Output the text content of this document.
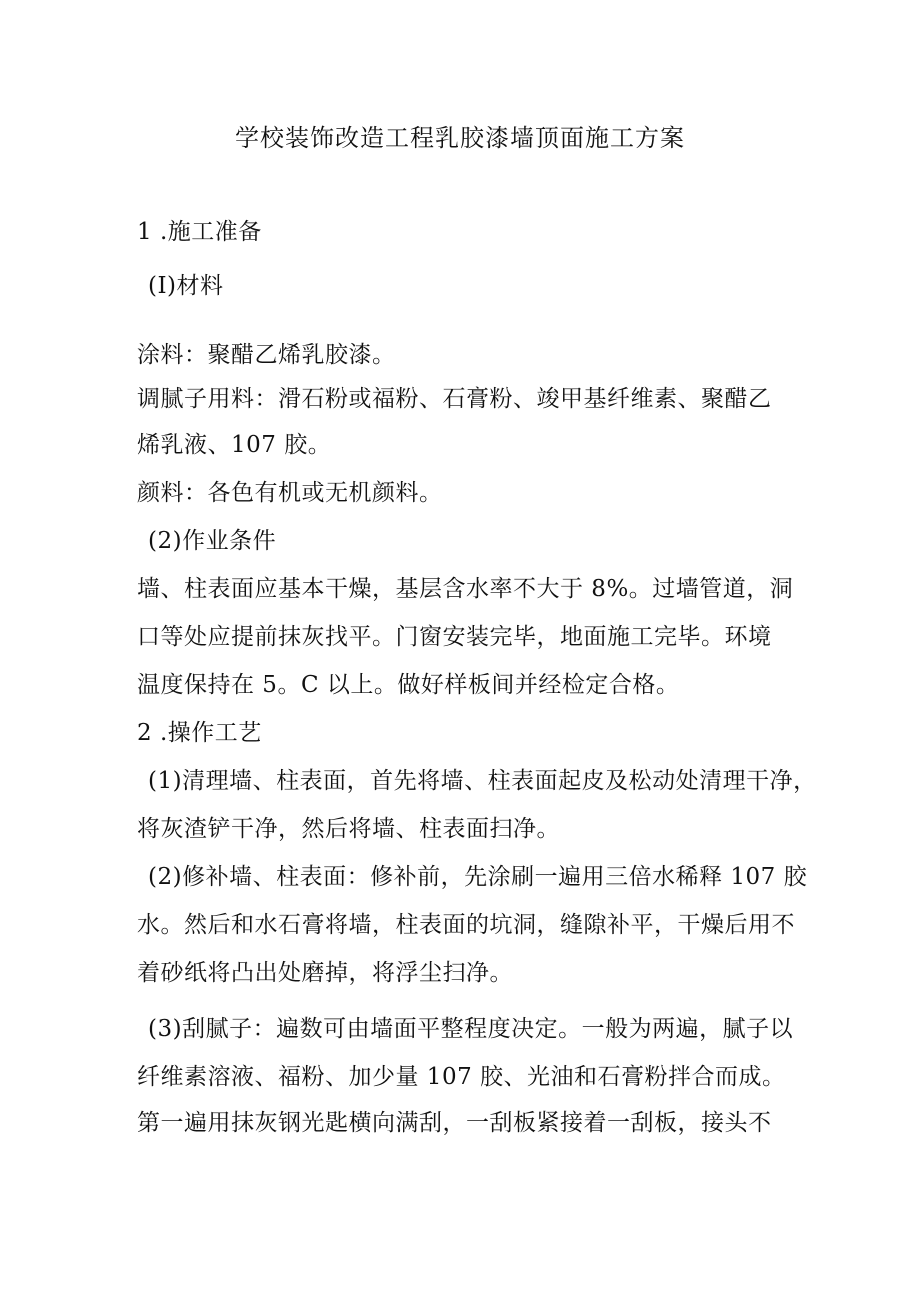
学校装饰改造工程乳胶漆墙顶面施工方案
1 .施工准备
(I)材料
涂料：聚醋乙烯乳胶漆。
调腻子用料：滑石粉或福粉、石膏粉、竣甲基纤维素、聚醋乙
烯乳液、107 胶。
颜料：各色有机或无机颜料。
(2)作业条件
墙、柱表面应基本干燥，基层含水率不大于 8%。过墙管道，洞
口等处应提前抹灰找平。门窗安装完毕，地面施工完毕。环境
温度保持在 5。C 以上。做好样板间并经检定合格。
2 .操作工艺
(1)清理墙、柱表面，首先将墙、柱表面起皮及松动处清理干净，
将灰渣铲干净，然后将墙、柱表面扫净。
(2)修补墙、柱表面：修补前，先涂刷一遍用三倍水稀释 107 胶
水。然后和水石膏将墙，柱表面的坑洞，缝隙补平，干燥后用不
着砂纸将凸出处磨掉，将浮尘扫净。
(3)刮腻子：遍数可由墙面平整程度决定。一般为两遍，腻子以
纤维素溶液、福粉、加少量 107 胶、光油和石膏粉拌合而成。
第一遍用抹灰钢光匙横向满刮，一刮板紧接着一刮板，接头不
